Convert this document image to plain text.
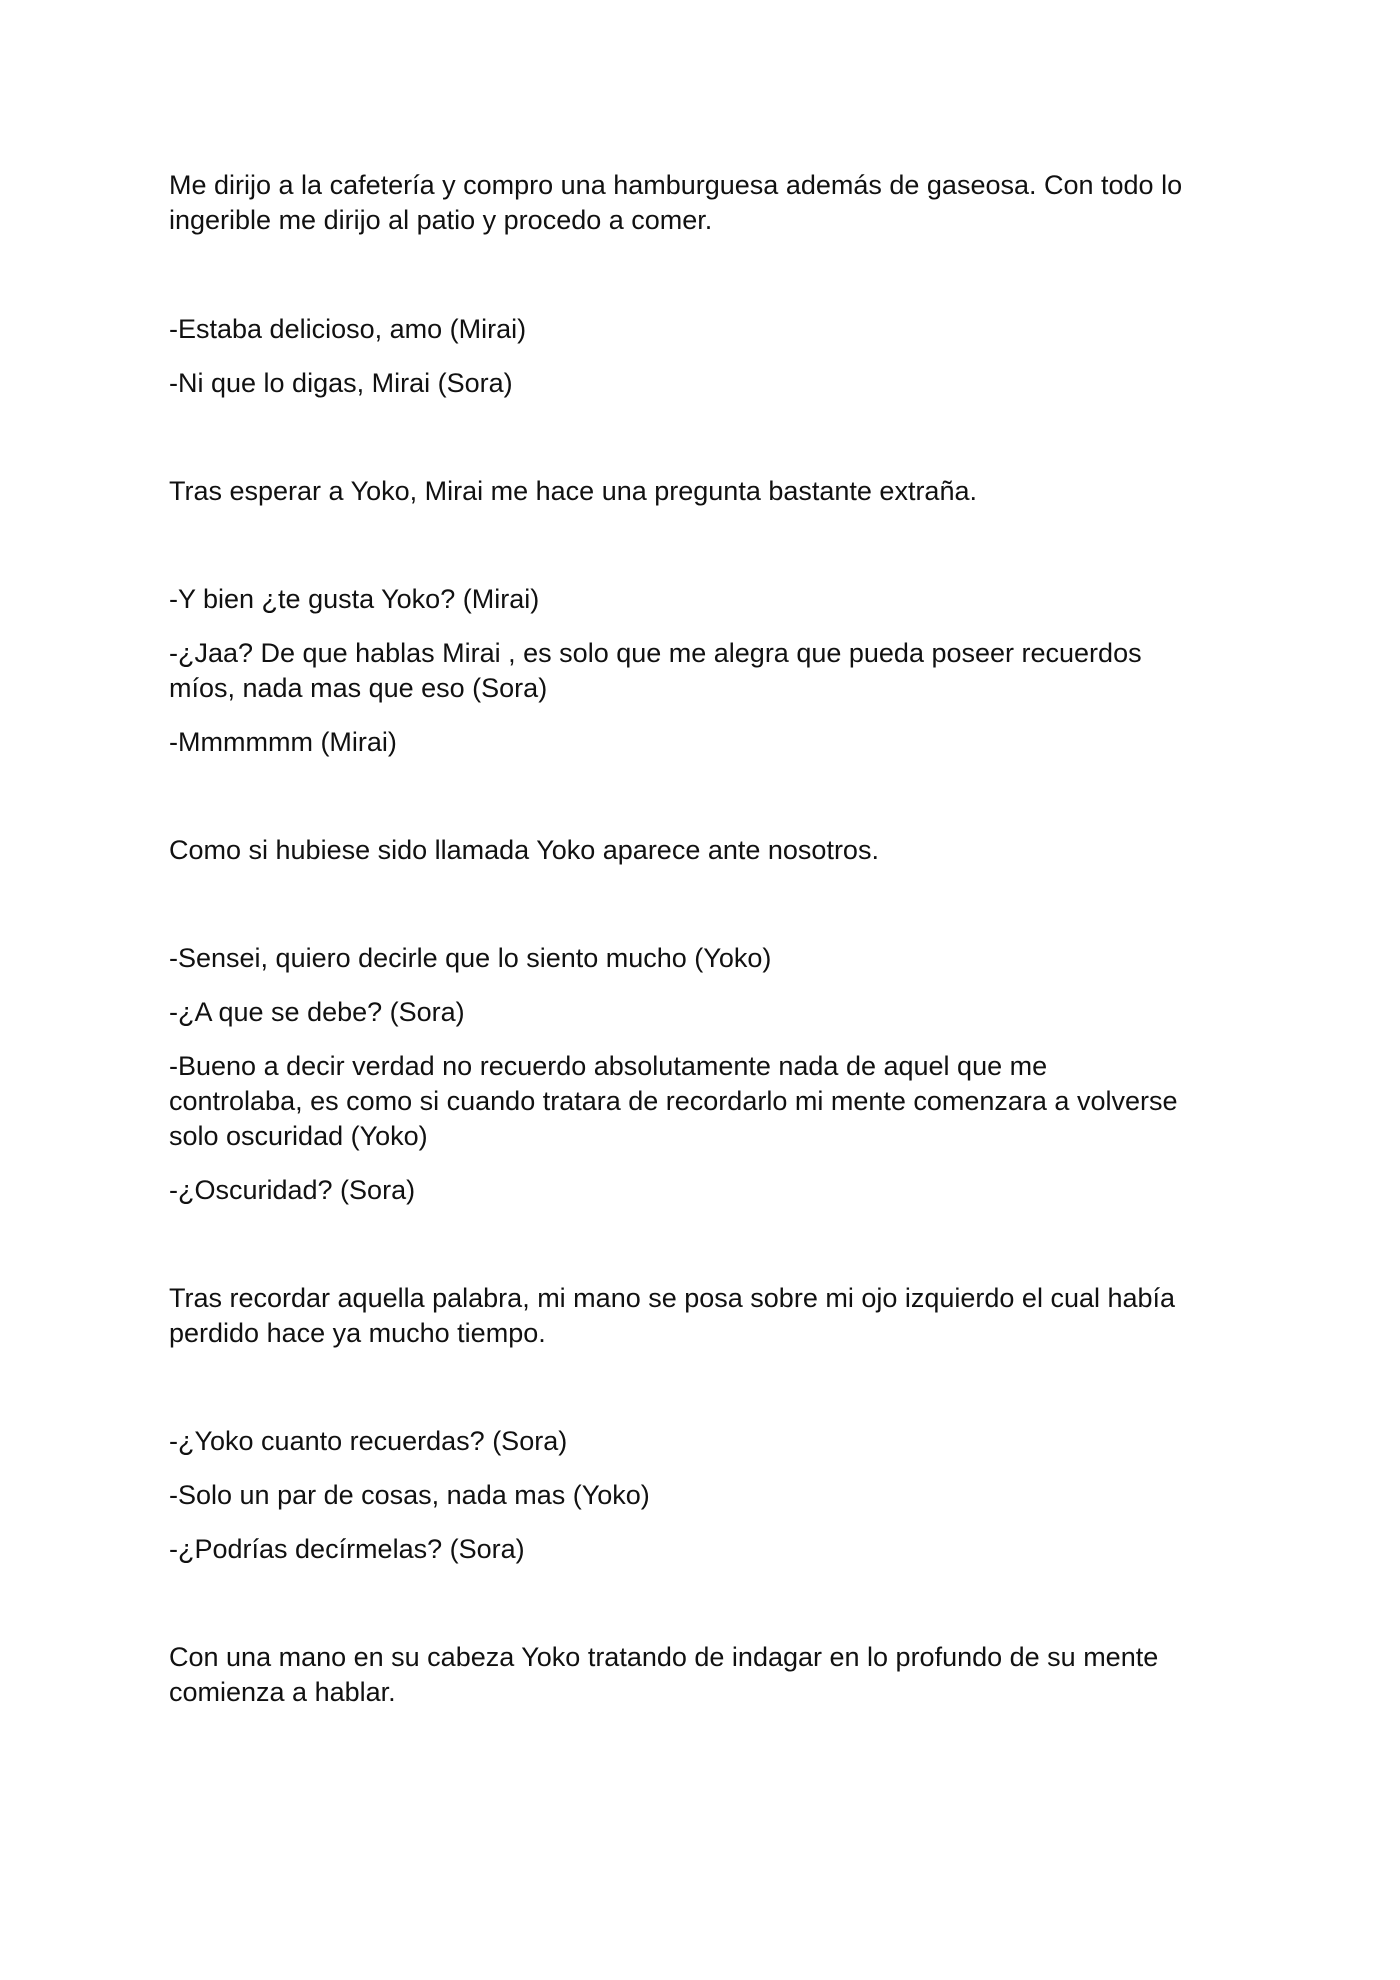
Me dirijo a la cafetería y compro una hamburguesa además de gaseosa. Con todo lo
ingerible me dirijo al patio y procedo a comer.

-Estaba delicioso, amo (Mirai)

-Ni que lo digas, Mirai (Sora)

Tras esperar a Yoko, Mirai me hace una pregunta bastante extraña.

-Y bien ¿te gusta Yoko? (Mirai)

-¿Jaa? De que hablas Mirai , es solo que me alegra que pueda poseer recuerdos
míos, nada mas que eso (Sora)

-Mmmmmm (Mirai)

Como si hubiese sido llamada Yoko aparece ante nosotros.

-Sensei, quiero decirle que lo siento mucho (Yoko)

-¿A que se debe? (Sora)

-Bueno a decir verdad no recuerdo absolutamente nada de aquel que me
controlaba, es como si cuando tratara de recordarlo mi mente comenzara a volverse
solo oscuridad (Yoko)

-¿Oscuridad? (Sora)

Tras recordar aquella palabra, mi mano se posa sobre mi ojo izquierdo el cual había
perdido hace ya mucho tiempo.

-¿Yoko cuanto recuerdas? (Sora)

-Solo un par de cosas, nada mas (Yoko)

-¿Podrías decírmelas? (Sora)

Con una mano en su cabeza Yoko tratando de indagar en lo profundo de su mente
comienza a hablar.
